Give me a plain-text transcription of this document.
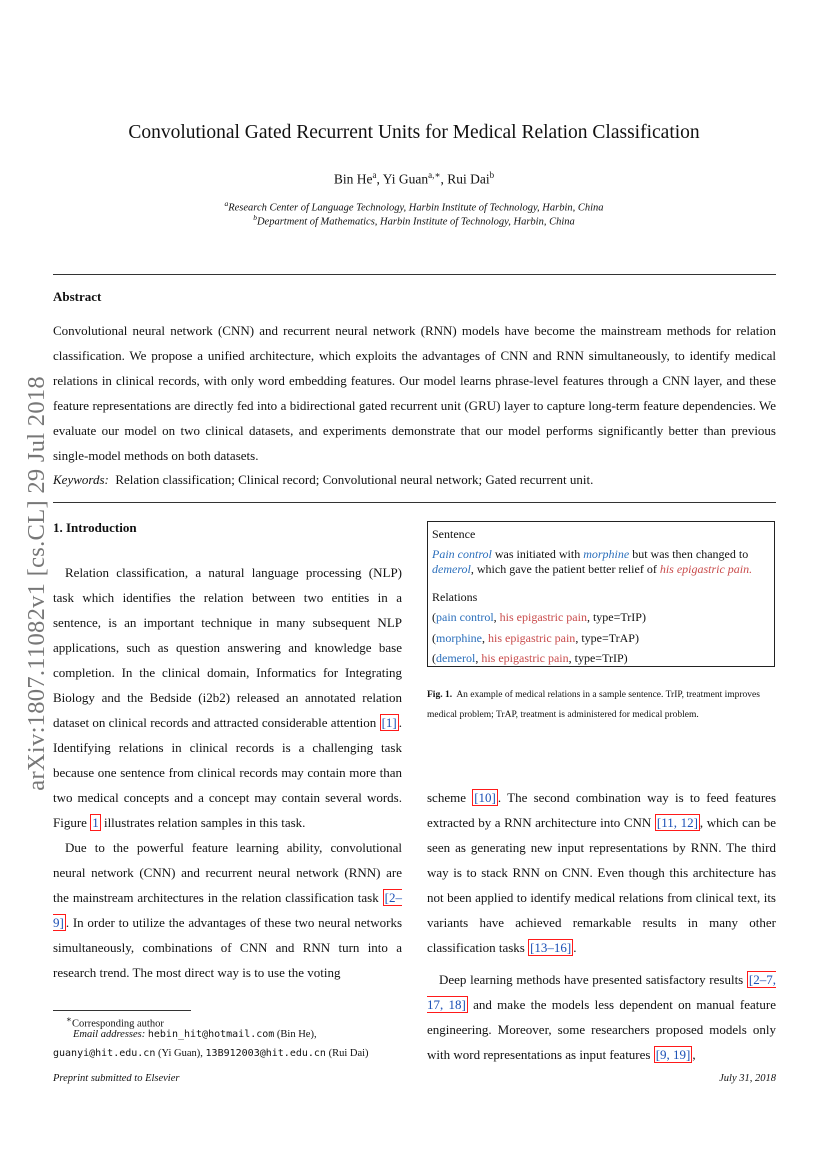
Convolutional Gated Recurrent Units for Medical Relation Classification
Bin He$^a$, Yi Guan$^{a,∗}$, Rui Dai$^b$
$^a$Research Center of Language Technology, Harbin Institute of Technology, Harbin, China
$^b$Department of Mathematics, Harbin Institute of Technology, Harbin, China
Abstract
Convolutional neural network (CNN) and recurrent neural network (RNN) models have become the mainstream methods for relation classification. We propose a unified architecture, which exploits the advantages of CNN and RNN simultaneously, to identify medical relations in clinical records, with only word embedding features. Our model learns phrase-level features through a CNN layer, and these feature representations are directly fed into a bidirectional gated recurrent unit (GRU) layer to capture long-term feature dependencies. We evaluate our model on two clinical datasets, and experiments demonstrate that our model performs significantly better than previous single-model methods on both datasets.
Keywords: Relation classification; Clinical record; Convolutional neural network; Gated recurrent unit.
arXiv:1807.11082v1 [cs.CL] 29 Jul 2018 1. Introduction

Relation classification, a natural language processing (NLP) task which identifies the relation between two entities in a sentence, is an important technique in many subsequent NLP applications, such as question answering and knowledge base completion. In the clinical domain, Informatics for Integrating Biology and the Bedside (i2b2) released an annotated relation dataset on clinical records and attracted considerable attention [1] . Identifying relations in clinical records is a challenging task because one sentence from clinical records may contain more than two medical concepts and a concept may contain several words. Figure 1 illustrates relation samples in this task.

Due to the powerful feature learning ability, convolutional neural network (CNN) and recurrent neural network (RNN) are the mainstream architectures in the relation classification task [2–9] . In order to utilize the advantages of these two neural networks simultaneously, combinations of CNN and RNN turn into a research trend. The most direct way is to use the voting

Sentence
Pain control was initiated with morphine but was then changed to
demerol, which gave the patient better relief of his epigastric pain.
Relations
(pain control, his epigastric pain, type=TrIP)
(morphine, his epigastric pain, type=TrAP)
(demerol, his epigastric pain, type=TrIP)
Fig. 1. An example of medical relations in a sample sentence. TrIP, treatment improves medical problem; TrAP, treatment is administered for medical problem.

scheme [10] . The second combination way is to feed features extracted by a RNN architecture into CNN [11, 12] , which can be seen as generating new input representations by RNN. The third way is to stack RNN on CNN. Even though this architecture has not been applied to identify medical relations from clinical text, its variants have achieved remarkable results in many other classification tasks [13–16] .

Deep learning methods have presented satisfactory results [2–7, 17, 18] and make the models less dependent on manual feature engineering. Moreover, some researchers proposed models only with word representations as input features [9, 19] ,

∗Corresponding author
Email addresses: hebin_hit@hotmail.com (Bin He),
guanyi@hit.edu.cn (Yi Guan), 13B912003@hit.edu.cn (Rui Dai)
Preprint submitted to Elsevier	July 31, 2018
